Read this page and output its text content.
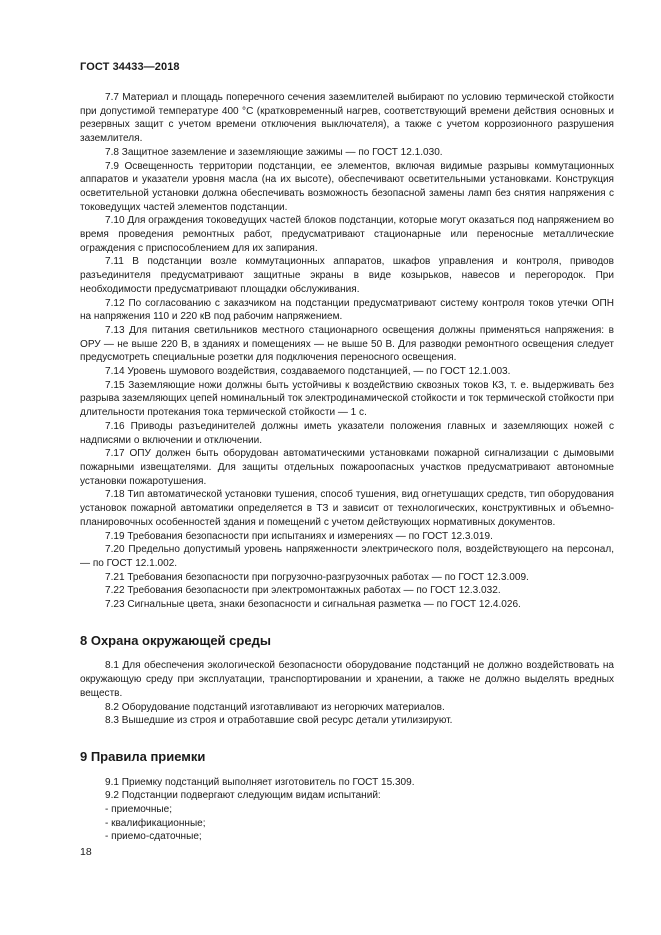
ГОСТ 34433—2018

7.7 Материал и площадь поперечного сечения заземлителей выбирают по условию термической стойкости при допустимой температуре 400 °С (кратковременный нагрев, соответствующий времени действия основных и резервных защит с учетом времени отключения выключателя), а также с учетом коррозионного разрушения заземлителя.

7.8 Защитное заземление и заземляющие зажимы — по ГОСТ 12.1.030.

7.9 Освещенность территории подстанции, ее элементов, включая видимые разрывы коммутационных аппаратов и указатели уровня масла (на их высоте), обеспечивают осветительными установками. Конструкция осветительной установки должна обеспечивать возможность безопасной замены ламп без снятия напряжения с токоведущих частей элементов подстанции.

7.10 Для ограждения токоведущих частей блоков подстанции, которые могут оказаться под напряжением во время проведения ремонтных работ, предусматривают стационарные или переносные металлические ограждения с приспособлением для их запирания.

7.11 В подстанции возле коммутационных аппаратов, шкафов управления и контроля, приводов разъединителя предусматривают защитные экраны в виде козырьков, навесов и перегородок. При необходимости предусматривают площадки обслуживания.

7.12 По согласованию с заказчиком на подстанции предусматривают систему контроля токов утечки ОПН на напряжения 110 и 220 кВ под рабочим напряжением.

7.13 Для питания светильников местного стационарного освещения должны применяться напряжения: в ОРУ — не выше 220 В, в зданиях и помещениях — не выше 50 В. Для разводки ремонтного освещения следует предусмотреть специальные розетки для подключения переносного освещения.

7.14 Уровень шумового воздействия, создаваемого подстанцией, — по ГОСТ 12.1.003.

7.15 Заземляющие ножи должны быть устойчивы к воздействию сквозных токов КЗ, т. е. выдерживать без разрыва заземляющих цепей номинальный ток электродинамической стойкости и ток термической стойкости при длительности протекания тока термической стойкости — 1 с.

7.16 Приводы разъединителей должны иметь указатели положения главных и заземляющих ножей с надписями о включении и отключении.

7.17 ОПУ должен быть оборудован автоматическими установками пожарной сигнализации с дымовыми пожарными извещателями. Для защиты отдельных пожароопасных участков предусматривают автономные установки пожаротушения.

7.18 Тип автоматической установки тушения, способ тушения, вид огнетушащих средств, тип оборудования установок пожарной автоматики определяется в ТЗ и зависит от технологических, конструктивных и объемно-планировочных особенностей здания и помещений с учетом действующих нормативных документов.

7.19 Требования безопасности при испытаниях и измерениях — по ГОСТ 12.3.019.

7.20 Предельно допустимый уровень напряженности электрического поля, воздействующего на персонал, — по ГОСТ 12.1.002.

7.21 Требования безопасности при погрузочно-разгрузочных работах — по ГОСТ 12.3.009.

7.22 Требования безопасности при электромонтажных работах — по ГОСТ 12.3.032.

7.23 Сигнальные цвета, знаки безопасности и сигнальная разметка — по ГОСТ 12.4.026.

8 Охрана окружающей среды

8.1 Для обеспечения экологической безопасности оборудование подстанций не должно воздействовать на окружающую среду при эксплуатации, транспортировании и хранении, а также не должно выделять вредных веществ.

8.2 Оборудование подстанций изготавливают из негорючих материалов.

8.3 Вышедшие из строя и отработавшие свой ресурс детали утилизируют.

9 Правила приемки

9.1 Приемку подстанций выполняет изготовитель по ГОСТ 15.309.

9.2 Подстанции подвергают следующим видам испытаний:

- приемочные;

- квалификационные;

- приемо-сдаточные;

18
